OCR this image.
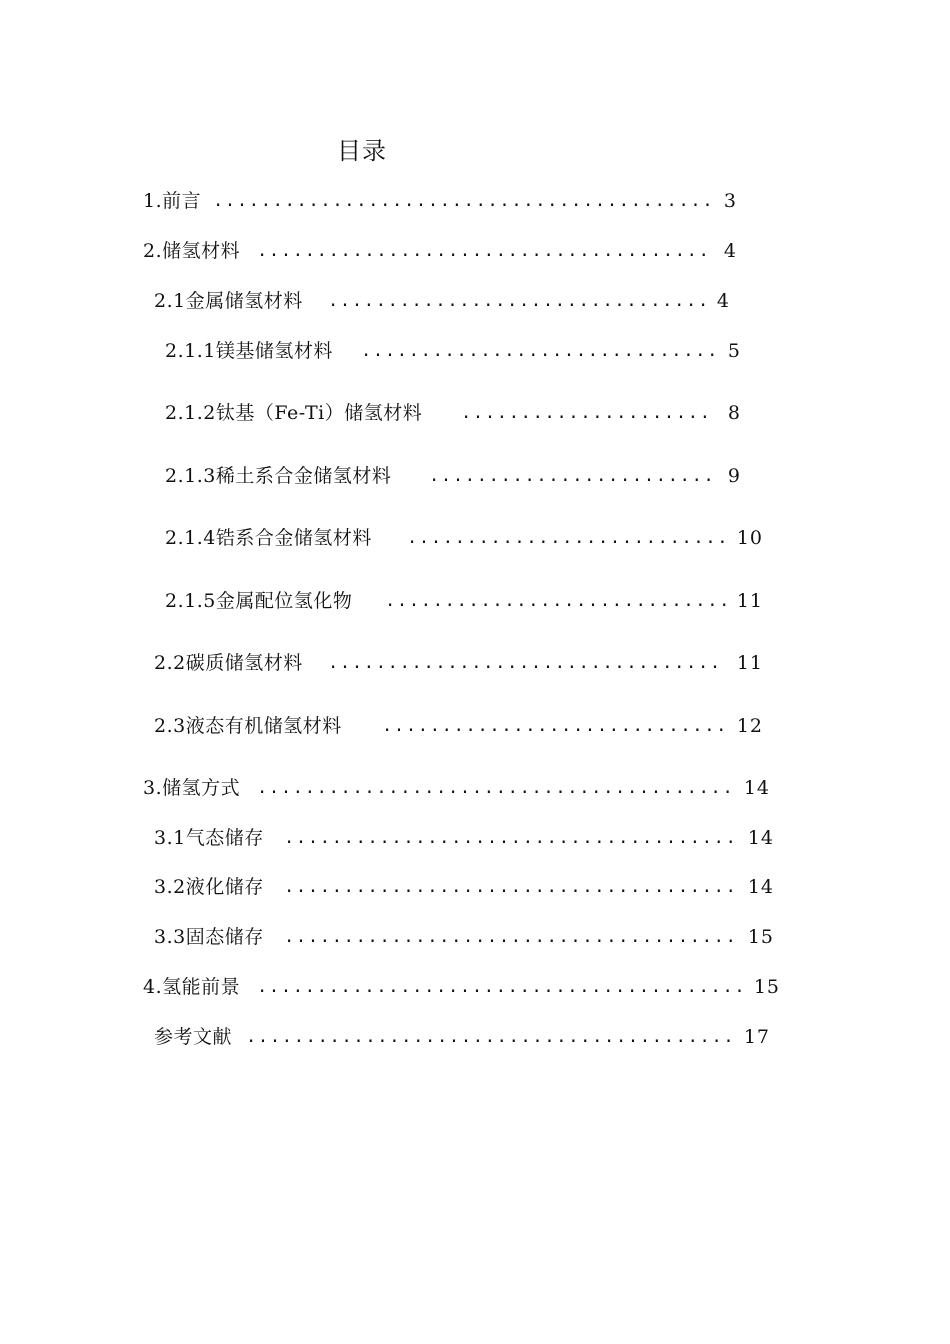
目录
1.前言 .......................................... 3
2.储氢材料 ...................................... 4
2.1金属储氢材料 ................................ 4
2.1.1镁基储氢材料 .............................. 5
2.1.2钛基（Fe-Ti）储氢材料 ..................... 8
2.1.3稀土系合金储氢材料 ........................ 9
2.1.4锆系合金储氢材料 ........................... 10
2.1.5金属配位氢化物 ............................. 11
2.2碳质储氢材料 ................................. 11
2.3液态有机储氢材料 ............................. 12
3.储氢方式 ........................................ 14
3.1气态储存 ...................................... 14
3.2液化储存 ...................................... 14
3.3固态储存 ...................................... 15
4.氢能前景 ......................................... 15
参考文献 ......................................... 17
